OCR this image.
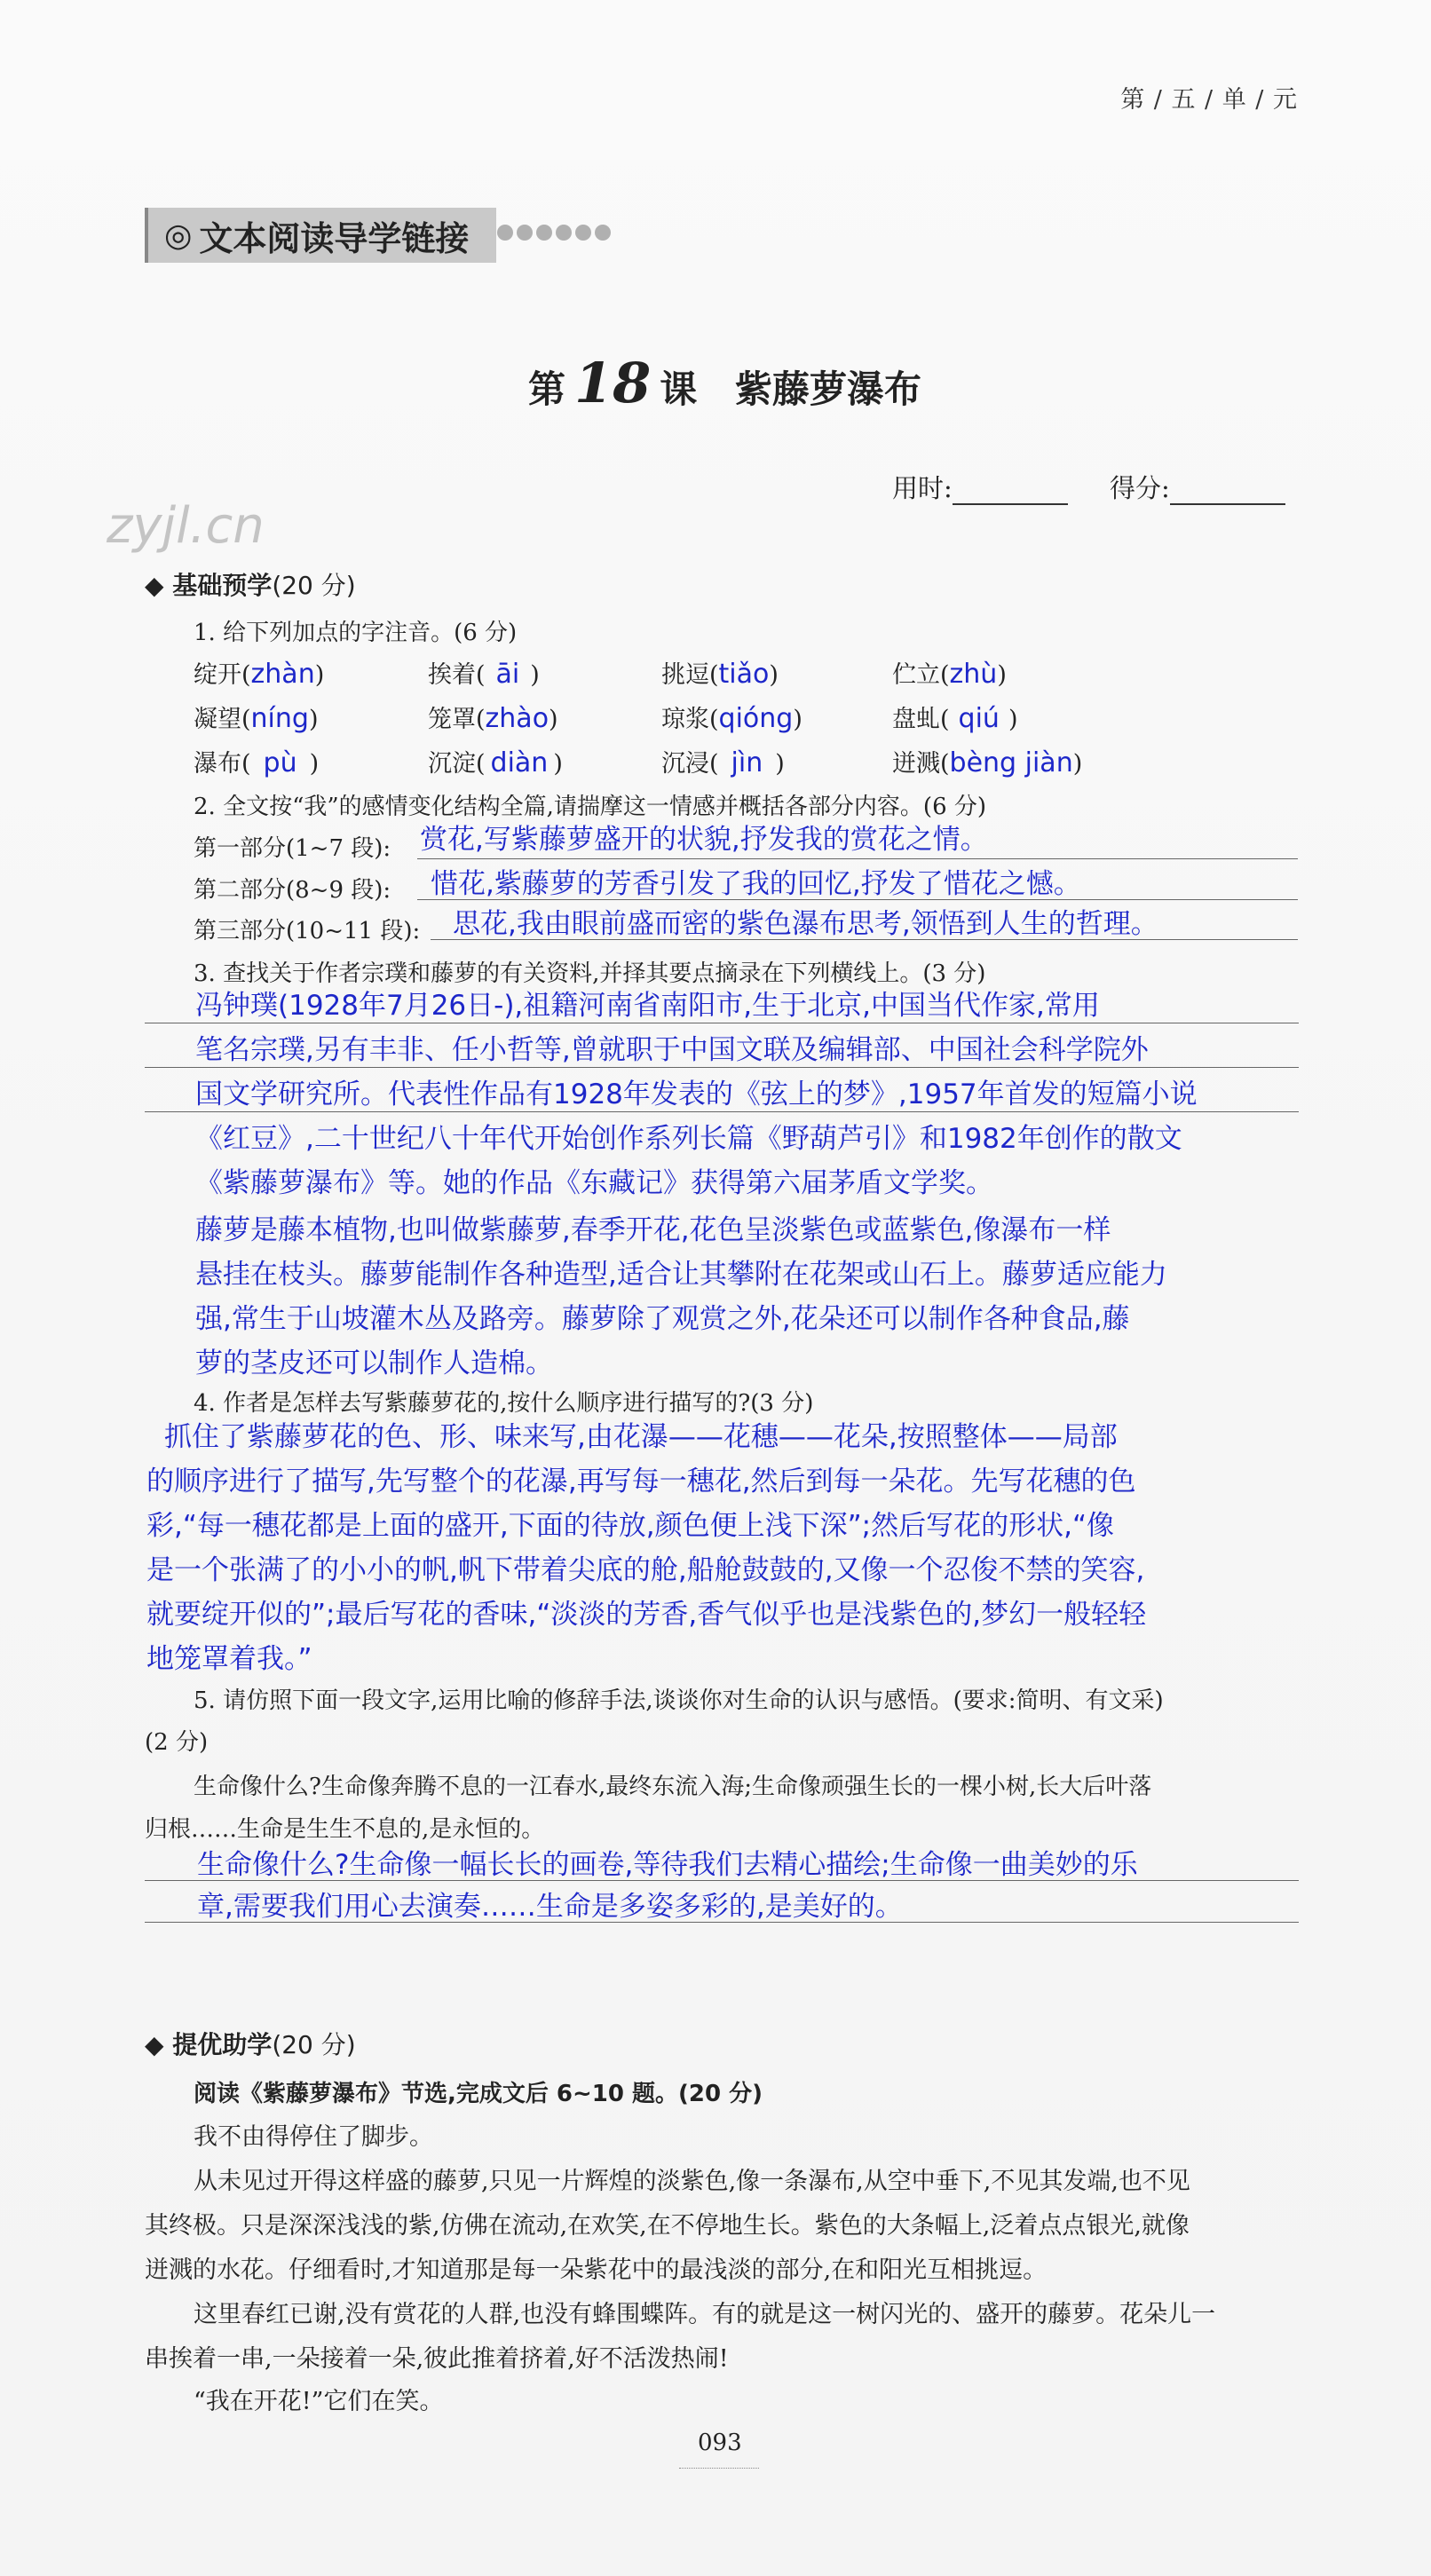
第 / 五 / 单 / 元
zyjl.cn
◎ 文本阅读导学链接
第 18 课 紫藤萝瀑布
用时:	得分:
◆ 基础预学(20 分)
1. 给下列加点的字注音。(6 分)
绽开(zhàn)	挨着( āi )	挑逗(tiǎo)	伫立(zhù)
凝望(níng)	笼罩(zhào)	琼浆(qióng)	盘虬( qiú )
瀑布( pù )	沉淀( diàn )	沉浸( jìn )	迸溅(bèng jiàn)
2. 全文按“我”的感情变化结构全篇,请揣摩这一情感并概括各部分内容。(6 分)
第一部分(1~7 段): 赏花,写紫藤萝盛开的状貌,抒发我的赏花之情。
第二部分(8~9 段): 惜花,紫藤萝的芳香引发了我的回忆,抒发了惜花之憾。
第三部分(10~11 段): 思花,我由眼前盛而密的紫色瀑布思考,领悟到人生的哲理。
3. 查找关于作者宗璞和藤萝的有关资料,并择其要点摘录在下列横线上。(3 分)
冯钟璞(1928年7月26日-),祖籍河南省南阳市,生于北京,中国当代作家,常用
笔名宗璞,另有丰非、任小哲等,曾就职于中国文联及编辑部、中国社会科学院外
国文学研究所。代表性作品有1928年发表的《弦上的梦》,1957年首发的短篇小说
《红豆》,二十世纪八十年代开始创作系列长篇《野葫芦引》和1982年创作的散文
《紫藤萝瀑布》等。她的作品《东藏记》获得第六届茅盾文学奖。
藤萝是藤本植物,也叫做紫藤萝,春季开花,花色呈淡紫色或蓝紫色,像瀑布一样
悬挂在枝头。藤萝能制作各种造型,适合让其攀附在花架或山石上。藤萝适应能力
强,常生于山坡灌木丛及路旁。藤萝除了观赏之外,花朵还可以制作各种食品,藤
萝的茎皮还可以制作人造棉。
4. 作者是怎样去写紫藤萝花的,按什么顺序进行描写的?(3 分)
抓住了紫藤萝花的色、形、味来写,由花瀑——花穗——花朵,按照整体——局部
的顺序进行了描写,先写整个的花瀑,再写每一穗花,然后到每一朵花。先写花穗的色
彩,“每一穗花都是上面的盛开,下面的待放,颜色便上浅下深”;然后写花的形状,“像
是一个张满了的小小的帆,帆下带着尖底的舱,船舱鼓鼓的,又像一个忍俊不禁的笑容,
就要绽开似的”;最后写花的香味,“淡淡的芳香,香气似乎也是浅紫色的,梦幻一般轻轻
地笼罩着我。”
5. 请仿照下面一段文字,运用比喻的修辞手法,谈谈你对生命的认识与感悟。(要求:简明、有文采)
(2 分)
生命像什么?生命像奔腾不息的一江春水,最终东流入海;生命像顽强生长的一棵小树,长大后叶落
归根……生命是生生不息的,是永恒的。
生命像什么?生命像一幅长长的画卷,等待我们去精心描绘;生命像一曲美妙的乐
章,需要我们用心去演奏……生命是多姿多彩的,是美好的。
◆ 提优助学(20 分)
阅读《紫藤萝瀑布》节选,完成文后 6~10 题。(20 分)
我不由得停住了脚步。
从未见过开得这样盛的藤萝,只见一片辉煌的淡紫色,像一条瀑布,从空中垂下,不见其发端,也不见
其终极。只是深深浅浅的紫,仿佛在流动,在欢笑,在不停地生长。紫色的大条幅上,泛着点点银光,就像
迸溅的水花。仔细看时,才知道那是每一朵紫花中的最浅淡的部分,在和阳光互相挑逗。
这里春红已谢,没有赏花的人群,也没有蜂围蝶阵。有的就是这一树闪光的、盛开的藤萝。花朵儿一
串挨着一串,一朵接着一朵,彼此推着挤着,好不活泼热闹!
“我在开花!”它们在笑。
093
